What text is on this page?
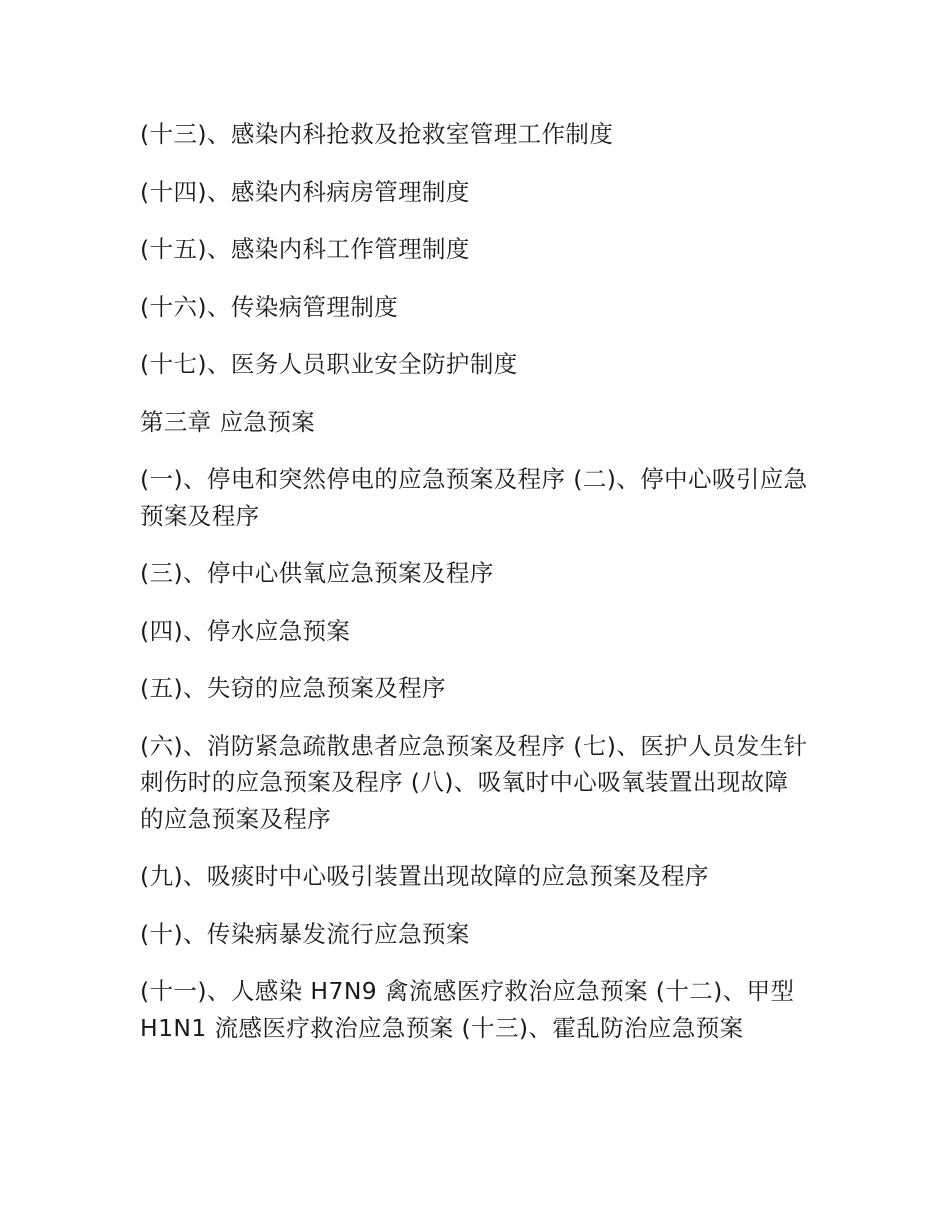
(十三)、感染内科抢救及抢救室管理工作制度

(十四)、感染内科病房管理制度

(十五)、感染内科工作管理制度

(十六)、传染病管理制度

(十七)、医务人员职业安全防护制度

第三章 应急预案

(一)、停电和突然停电的应急预案及程序 (二)、停中心吸引应急预案及程序

(三)、停中心供氧应急预案及程序

(四)、停水应急预案

(五)、失窃的应急预案及程序

(六)、消防紧急疏散患者应急预案及程序 (七)、医护人员发生针刺伤时的应急预案及程序 (八)、吸氧时中心吸氧装置出现故障的应急预案及程序

(九)、吸痰时中心吸引装置出现故障的应急预案及程序

(十)、传染病暴发流行应急预案

(十一)、人感染 H7N9 禽流感医疗救治应急预案 (十二)、甲型 H1N1 流感医疗救治应急预案 (十三)、霍乱防治应急预案
